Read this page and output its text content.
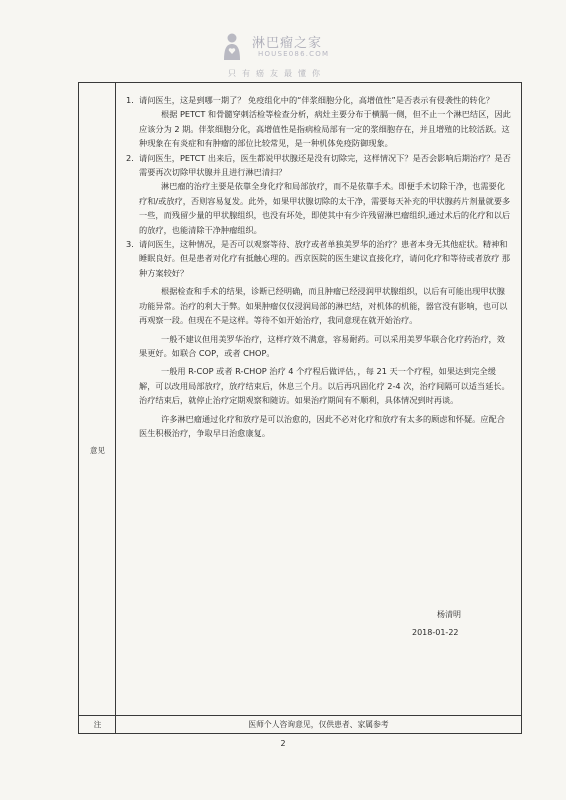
淋巴瘤之家
HOUSE086.COM
只有癌友最懂你
意见
注
1. 请问医生，这是到哪一期了？ 免疫组化中的“伴浆细胞分化，高增值性”是否表示有侵袭性的转化？

根据 PETCT 和骨髓穿刺活检等检查分析，病灶主要分布于横膈一侧，但不止一个淋巴结区，因此应该分为 2 期。伴浆细胞分化，高增值性是指病检局部有一定的浆细胞存在，并且增殖的比较活跃。这种现象在有炎症和有肿瘤的部位比较常见，是一种机体免疫防御现象。

2. 请问医生，PETCT 出来后，医生都说甲状腺还是没有切除完，这样情况下？是否会影响后期治疗？是否需要再次切除甲状腺并且进行淋巴清扫？

淋巴瘤的治疗主要是依靠全身化疗和局部放疗，而不是依靠手术。即便手术切除干净，也需要化疗和/或放疗，否则容易复发。此外，如果甲状腺切除的太干净，需要每天补充的甲状腺药片剂量就要多一些，而残留少量的甲状腺组织，也没有坏处，即使其中有少许残留淋巴瘤组织,通过术后的化疗和以后的放疗，也能清除干净肿瘤组织。

3. 请问医生，这种情况，是否可以观察等待、放疗或者单独美罗华的治疗？患者本身无其他症状。精神和睡眠良好。但是患者对化疗有抵触心理的。西京医院的医生建议直接化疗，请问化疗和等待或者放疗 那种方案较好？

根据检查和手术的结果，诊断已经明确，而且肿瘤已经浸润甲状腺组织，以后有可能出现甲状腺功能异常。治疗的利大于弊。如果肿瘤仅仅浸润局部的淋巴结，对机体的机能，器官没有影响，也可以再观察一段。但现在不是这样。等待不如开始治疗，我同意现在就开始治疗。

一般不建议但用美罗华治疗，这样疗效不满意，容易耐药。可以采用美罗华联合化疗药治疗，效果更好。如联合 COP，或者 CHOP。

一般用 R-COP 或者 R-CHOP 治疗 4 个疗程后做评估，，每 21 天一个疗程，如果达到完全缓解，可以改用局部放疗，放疗结束后，休息三个月。以后再巩固化疗 2-4 次，治疗间隔可以适当延长。治疗结束后，就停止治疗定期观察和随访。如果治疗期间有不顺利，具体情况到时再谈。

许多淋巴瘤通过化疗和放疗是可以治愈的，因此不必对化疗和放疗有太多的顾虑和怀疑。应配合医生积极治疗，争取早日治愈康复。

杨清明
2018-01-22
医师个人咨询意见，仅供患者、家属参考
2
